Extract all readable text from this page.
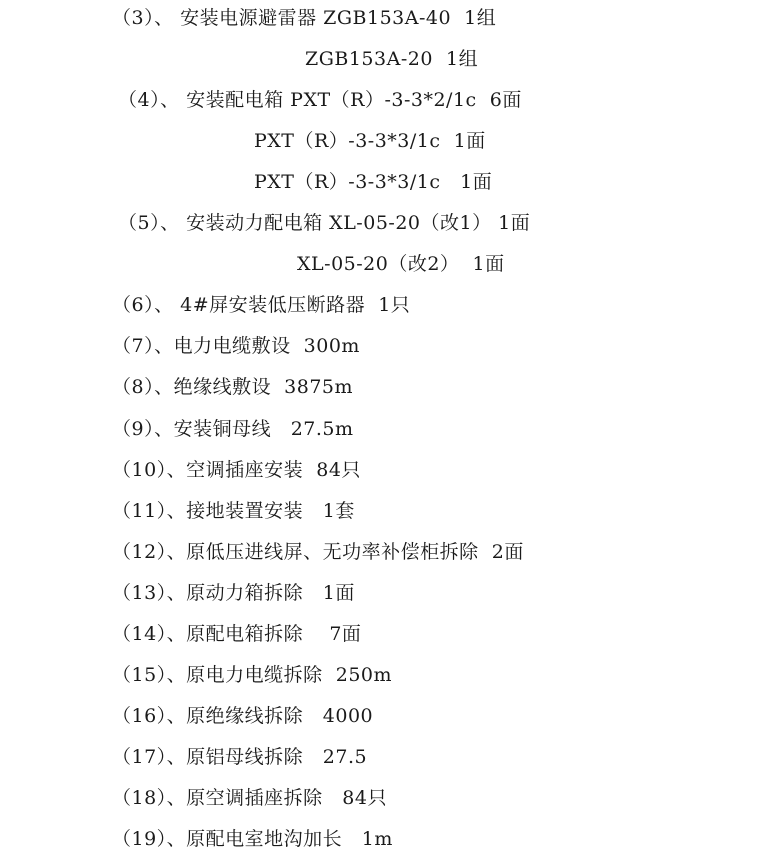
（3）、 安装电源避雷器 ZGB153A-40  1组
ZGB153A-20  1组
（4）、 安装配电箱 PXT（R）-3-3*2/1c  6面
PXT（R）-3-3*3/1c  1面
PXT（R）-3-3*3/1c   1面
（5）、 安装动力配电箱 XL-05-20（改1） 1面
XL-05-20（改2）  1面
（6）、 4#屏安装低压断路器  1只
（7）、电力电缆敷设  300m
（8）、绝缘线敷设  3875m
（9）、安装铜母线   27.5m
（10）、空调插座安装  84只
（11）、接地装置安装   1套
（12）、原低压进线屏、无功率补偿柜拆除  2面
（13）、原动力箱拆除   1面
（14）、原配电箱拆除    7面
（15）、原电力电缆拆除  250m
（16）、原绝缘线拆除   4000
（17）、原铝母线拆除   27.5
（18）、原空调插座拆除   84只
（19）、原配电室地沟加长   1m
